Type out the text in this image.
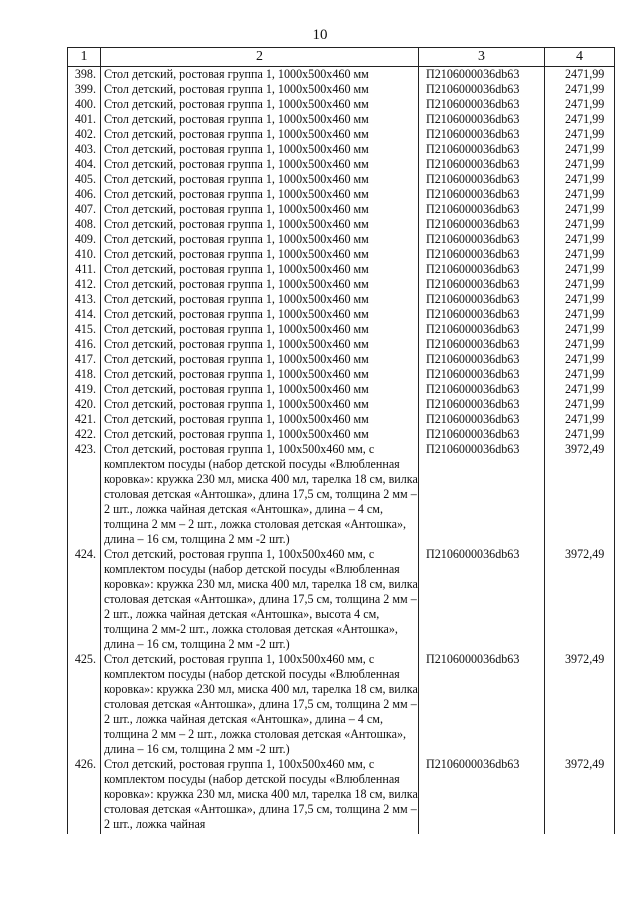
10
1	2	3	4
398.	Стол детский, ростовая группа 1, 1000х500х460 мм	П2106000036db63	2471,99
399.	Стол детский, ростовая группа 1, 1000х500х460 мм	П2106000036db63	2471,99
400.	Стол детский, ростовая группа 1, 1000х500х460 мм	П2106000036db63	2471,99
401.	Стол детский, ростовая группа 1, 1000х500х460 мм	П2106000036db63	2471,99
402.	Стол детский, ростовая группа 1, 1000х500х460 мм	П2106000036db63	2471,99
403.	Стол детский, ростовая группа 1, 1000х500х460 мм	П2106000036db63	2471,99
404.	Стол детский, ростовая группа 1, 1000х500х460 мм	П2106000036db63	2471,99
405.	Стол детский, ростовая группа 1, 1000х500х460 мм	П2106000036db63	2471,99
406.	Стол детский, ростовая группа 1, 1000х500х460 мм	П2106000036db63	2471,99
407.	Стол детский, ростовая группа 1, 1000х500х460 мм	П2106000036db63	2471,99
408.	Стол детский, ростовая группа 1, 1000х500х460 мм	П2106000036db63	2471,99
409.	Стол детский, ростовая группа 1, 1000х500х460 мм	П2106000036db63	2471,99
410.	Стол детский, ростовая группа 1, 1000х500х460 мм	П2106000036db63	2471,99
411.	Стол детский, ростовая группа 1, 1000х500х460 мм	П2106000036db63	2471,99
412.	Стол детский, ростовая группа 1, 1000х500х460 мм	П2106000036db63	2471,99
413.	Стол детский, ростовая группа 1, 1000х500х460 мм	П2106000036db63	2471,99
414.	Стол детский, ростовая группа 1, 1000х500х460 мм	П2106000036db63	2471,99
415.	Стол детский, ростовая группа 1, 1000х500х460 мм	П2106000036db63	2471,99
416.	Стол детский, ростовая группа 1, 1000х500х460 мм	П2106000036db63	2471,99
417.	Стол детский, ростовая группа 1, 1000х500х460 мм	П2106000036db63	2471,99
418.	Стол детский, ростовая группа 1, 1000х500х460 мм	П2106000036db63	2471,99
419.	Стол детский, ростовая группа 1, 1000х500х460 мм	П2106000036db63	2471,99
420.	Стол детский, ростовая группа 1, 1000х500х460 мм	П2106000036db63	2471,99
421.	Стол детский, ростовая группа 1, 1000х500х460 мм	П2106000036db63	2471,99
422.	Стол детский, ростовая группа 1, 1000х500х460 мм	П2106000036db63	2471,99
423.	Стол детский, ростовая группа 1, 100х500х460 мм, с комплектом посуды (набор детской посуды «Влюбленная коровка»: кружка 230 мл, миска 400 мл, тарелка 18 см, вилка столовая детская «Антошка», длина 17,5 см, толщина 2 мм – 2 шт., ложка чайная детская «Антошка», длина – 4 см, толщина 2 мм – 2 шт., ложка столовая детская «Антошка», длина – 16 см, толщина 2 мм -2 шт.)	П2106000036db63	3972,49
424.	Стол детский, ростовая группа 1, 100х500х460 мм, с комплектом посуды (набор детской посуды «Влюбленная коровка»: кружка 230 мл, миска 400 мл, тарелка 18 см, вилка столовая детская «Антошка», длина 17,5 см, толщина 2 мм – 2 шт., ложка чайная детская «Антошка», высота 4 см, толщина 2 мм-2 шт., ложка столовая детская «Антошка», длина – 16 см, толщина 2 мм -2 шт.)	П2106000036db63	3972,49
425.	Стол детский, ростовая группа 1, 100х500х460 мм, с комплектом посуды (набор детской посуды «Влюбленная коровка»: кружка 230 мл, миска 400 мл, тарелка 18 см, вилка столовая детская «Антошка», длина 17,5 см, толщина 2 мм – 2 шт., ложка чайная детская «Антошка», длина – 4 см, толщина 2 мм – 2 шт., ложка столовая детская «Антошка», длина – 16 см, толщина 2 мм -2 шт.)	П2106000036db63	3972,49
426.	Стол детский, ростовая группа 1, 100х500х460 мм, с комплектом посуды (набор детской посуды «Влюбленная коровка»: кружка 230 мл, миска 400 мл, тарелка 18 см, вилка столовая детская «Антошка», длина 17,5 см, толщина 2 мм – 2 шт., ложка чайная	П2106000036db63	3972,49
